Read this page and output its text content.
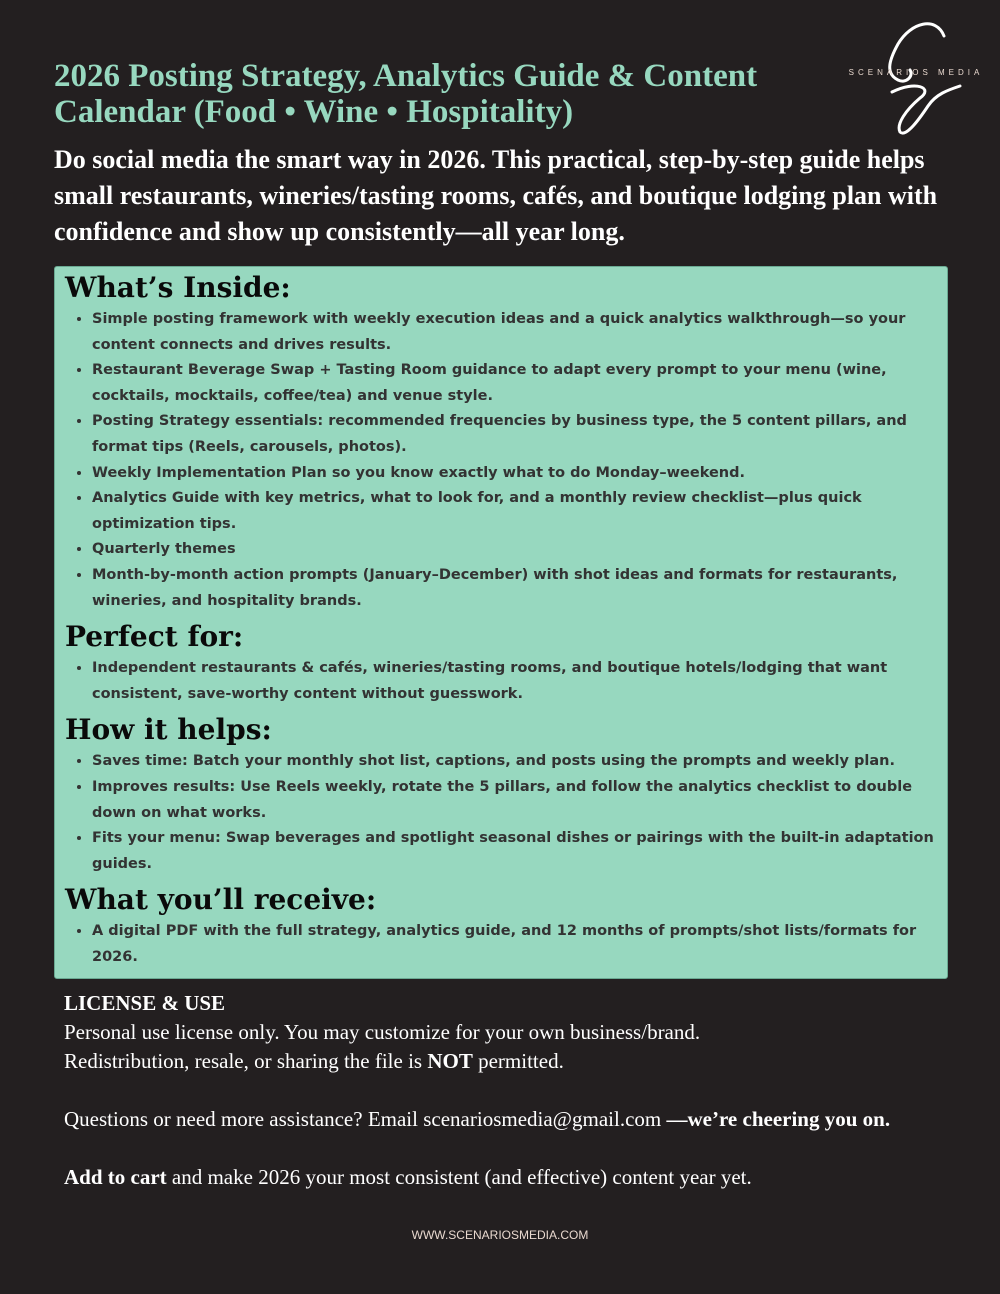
SCENARIOS MEDIA
2026 Posting Strategy, Analytics Guide & Content Calendar (Food • Wine • Hospitality)

Do social media the smart way in 2026. This practical, step-by-step guide helps small restaurants, wineries/tasting rooms, cafés, and boutique lodging plan with confidence and show up consistently—all year long.

What’s Inside:
• Simple posting framework with weekly execution ideas and a quick analytics walkthrough—so your content connects and drives results.
• Restaurant Beverage Swap + Tasting Room guidance to adapt every prompt to your menu (wine, cocktails, mocktails, coffee/tea) and venue style.
• Posting Strategy essentials: recommended frequencies by business type, the 5 content pillars, and format tips (Reels, carousels, photos).
• Weekly Implementation Plan so you know exactly what to do Monday–weekend.
• Analytics Guide with key metrics, what to look for, and a monthly review checklist—plus quick optimization tips.
• Quarterly themes
• Month-by-month action prompts (January–December) with shot ideas and formats for restaurants, wineries, and hospitality brands.
Perfect for:
• Independent restaurants & cafés, wineries/tasting rooms, and boutique hotels/lodging that want consistent, save-worthy content without guesswork.
How it helps:
• Saves time: Batch your monthly shot list, captions, and posts using the prompts and weekly plan.
• Improves results: Use Reels weekly, rotate the 5 pillars, and follow the analytics checklist to double down on what works.
• Fits your menu: Swap beverages and spotlight seasonal dishes or pairings with the built-in adaptation guides.
What you’ll receive:
• A digital PDF with the full strategy, analytics guide, and 12 months of prompts/shot lists/formats for 2026.

LICENSE & USE

Personal use license only. You may customize for your own business/brand.

Redistribution, resale, or sharing the file is NOT permitted.

Questions or need more assistance? Email scenariosmedia@gmail.com —we’re cheering you on.

Add to cart and make 2026 your most consistent (and effective) content year yet.

WWW.SCENARIOSMEDIA.COM
